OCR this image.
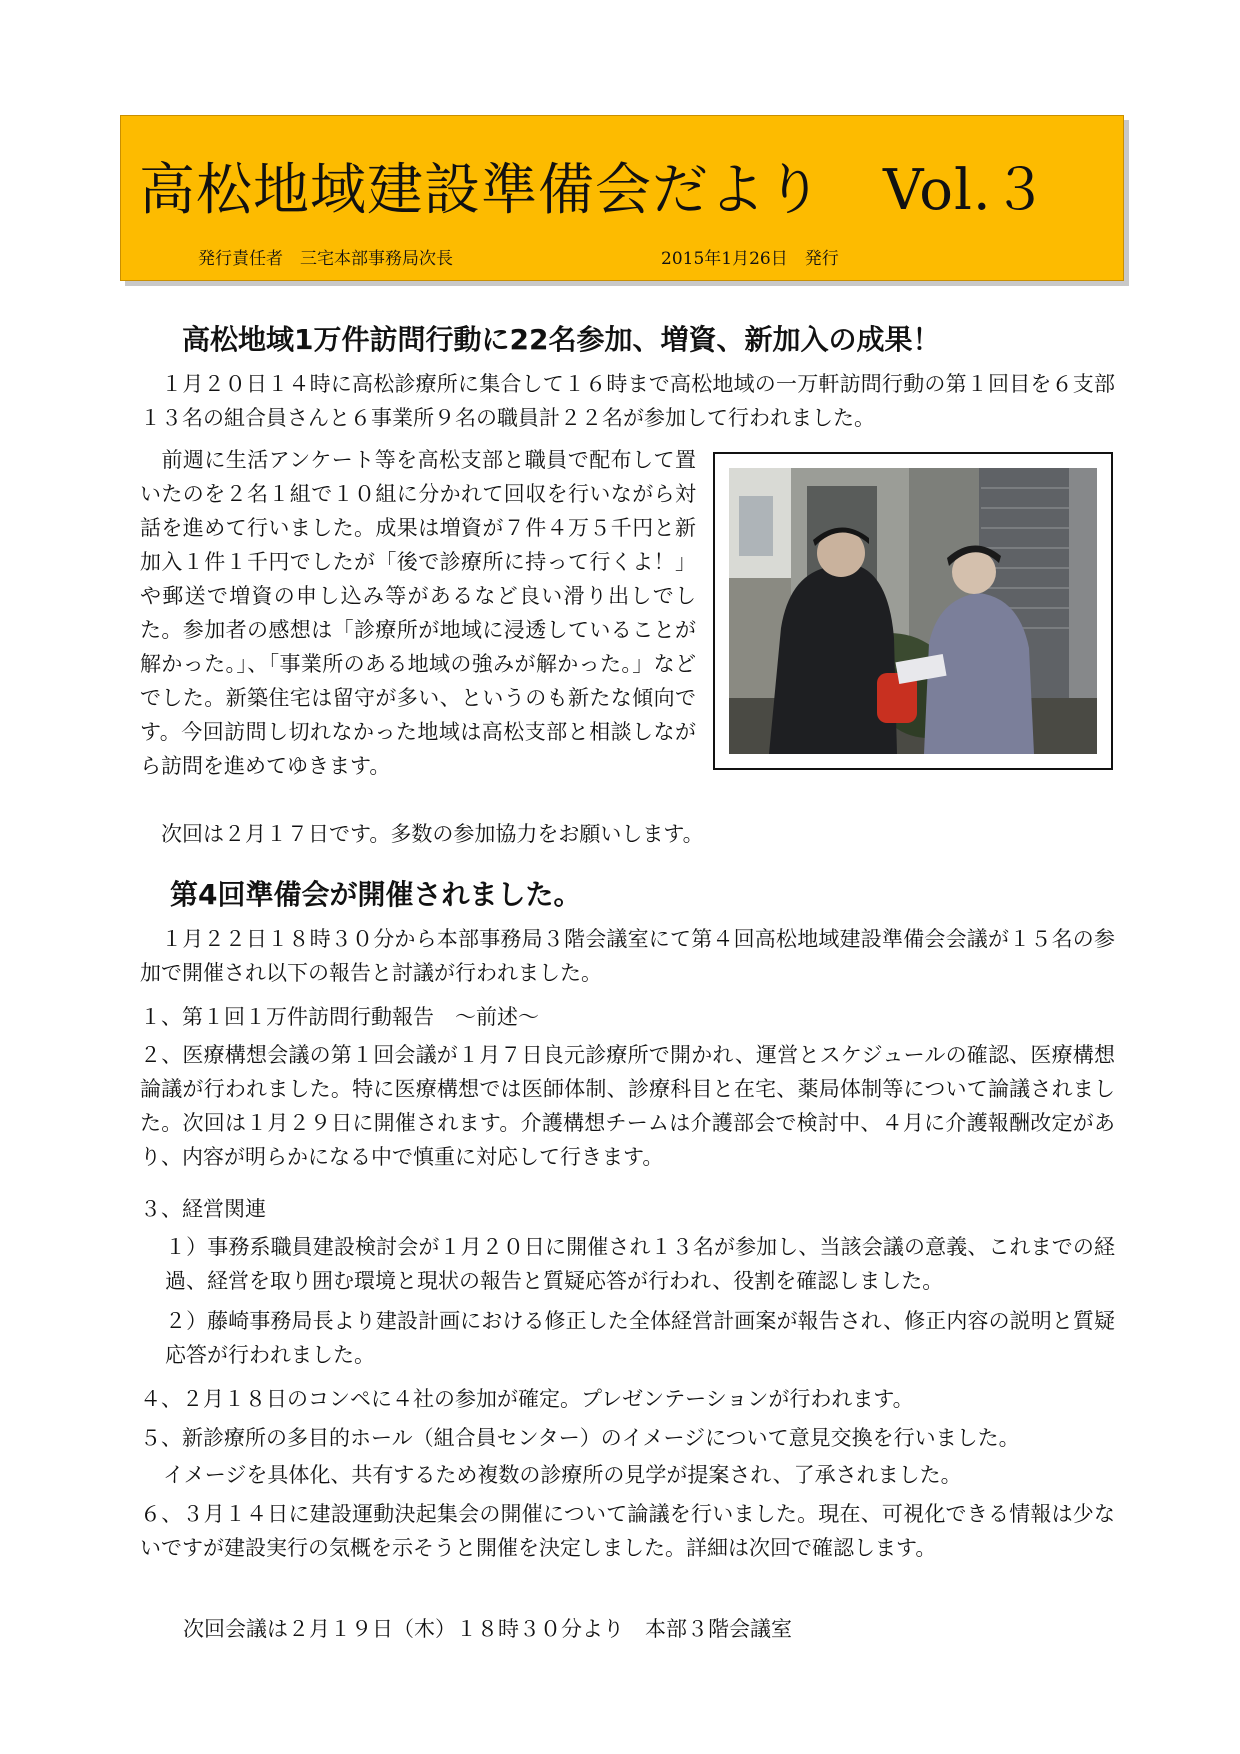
高松地域建設準備会だより Vol.３
発行責任者　三宅本部事務局次長	2015年1月26日　発行
高松地域1万件訪問行動に22名参加、増資、新加入の成果！

　１月２０日１４時に高松診療所に集合して１６時まで高松地域の一万軒訪問行動の第１回目を６支部１３名の組合員さんと６事業所９名の職員計２２名が参加して行われました。

　前週に生活アンケート等を高松支部と職員で配布して置いたのを２名１組で１０組に分かれて回収を行いながら対話を進めて行いました。成果は増資が７件４万５千円と新加入１件１千円でしたが「後で診療所に持って行くよ！」や郵送で増資の申し込み等があるなど良い滑り出しでした。参加者の感想は「診療所が地域に浸透していることが解かった。」、「事業所のある地域の強みが解かった。」などでした。新築住宅は留守が多い、というのも新たな傾向です。今回訪問し切れなかった地域は高松支部と相談しながら訪問を進めてゆきます。

　次回は２月１７日です。多数の参加協力をお願いします。

第4回準備会が開催されました。

　１月２２日１８時３０分から本部事務局３階会議室にて第４回高松地域建設準備会会議が１５名の参加で開催され以下の報告と討議が行われました。

１、第１回１万件訪問行動報告　～前述～

２、医療構想会議の第１回会議が１月７日良元診療所で開かれ、運営とスケジュールの確認、医療構想論議が行われました。特に医療構想では医師体制、診療科目と在宅、薬局体制等について論議されました。次回は１月２９日に開催されます。介護構想チームは介護部会で検討中、４月に介護報酬改定があり、内容が明らかになる中で慎重に対応して行きます。

３、経営関連

１）事務系職員建設検討会が１月２０日に開催され１３名が参加し、当該会議の意義、これまでの経過、経営を取り囲む環境と現状の報告と質疑応答が行われ、役割を確認しました。

２）藤崎事務局長より建設計画における修正した全体経営計画案が報告され、修正内容の説明と質疑応答が行われました。

４、２月１８日のコンペに４社の参加が確定。プレゼンテーションが行われます。

５、新診療所の多目的ホール（組合員センター）のイメージについて意見交換を行いました。

イメージを具体化、共有するため複数の診療所の見学が提案され、了承されました。

６、３月１４日に建設運動決起集会の開催について論議を行いました。現在、可視化できる情報は少ないですが建設実行の気概を示そうと開催を決定しました。詳細は次回で確認します。

次回会議は２月１９日（木）１８時３０分より　本部３階会議室
